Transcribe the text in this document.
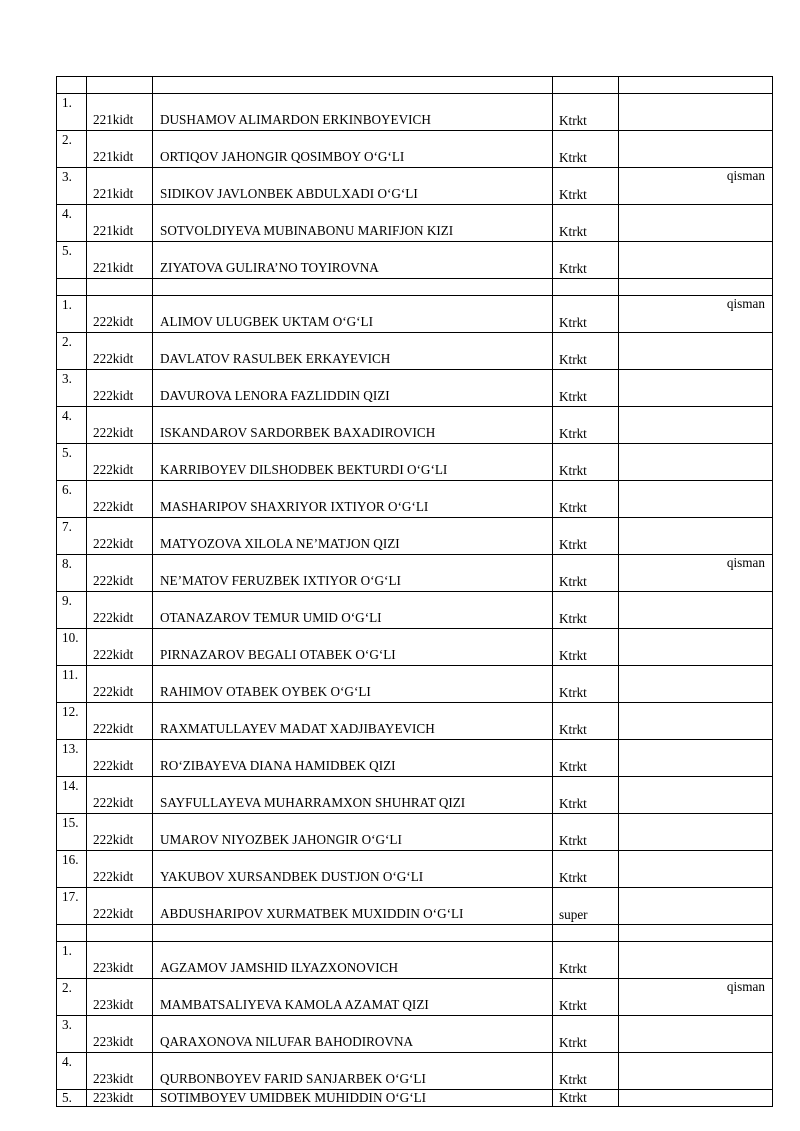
1.	221kidt	DUSHAMOV ALIMARDON ERKINBOYEVICH	Ktrkt	
2.	221kidt	ORTIQOV JAHONGIR QOSIMBOY O‘G‘LI	Ktrkt	
3.	221kidt	SIDIKOV JAVLONBEK ABDULXADI O‘G‘LI	Ktrkt	qisman
4.	221kidt	SOTVOLDIYEVA MUBINABONU MARIFJON KIZI	Ktrkt	
5.	221kidt	ZIYATOVA GULIRA’NO TOYIROVNA	Ktrkt	

1.	222kidt	ALIMOV ULUGBEK UKTAM O‘G‘LI	Ktrkt	qisman
2.	222kidt	DAVLATOV RASULBEK ERKAYEVICH	Ktrkt	
3.	222kidt	DAVUROVA LENORA FAZLIDDIN QIZI	Ktrkt	
4.	222kidt	ISKANDAROV SARDORBEK BAXADIROVICH	Ktrkt	
5.	222kidt	KARRIBOYEV DILSHODBEK BEKTURDI O‘G‘LI	Ktrkt	
6.	222kidt	MASHARIPOV SHAXRIYOR IXTIYOR O‘G‘LI	Ktrkt	
7.	222kidt	MATYOZOVA XILOLA NE’MATJON QIZI	Ktrkt	
8.	222kidt	NE’MATOV FERUZBEK IXTIYOR O‘G‘LI	Ktrkt	qisman
9.	222kidt	OTANAZAROV TEMUR UMID O‘G‘LI	Ktrkt	
10.	222kidt	PIRNAZAROV BEGALI OTABEK O‘G‘LI	Ktrkt	
11.	222kidt	RAHIMOV OTABEK OYBEK O‘G‘LI	Ktrkt	
12.	222kidt	RAXMATULLAYEV MADAT XADJIBAYEVICH	Ktrkt	
13.	222kidt	RO‘ZIBAYEVA DIANA HAMIDBEK QIZI	Ktrkt	
14.	222kidt	SAYFULLAYEVA MUHARRAMXON SHUHRAT QIZI	Ktrkt	
15.	222kidt	UMAROV NIYOZBEK JAHONGIR O‘G‘LI	Ktrkt	
16.	222kidt	YAKUBOV XURSANDBEK DUSTJON O‘G‘LI	Ktrkt	
17.	222kidt	ABDUSHARIPOV XURMATBEK MUXIDDIN O‘G‘LI	super	

1.	223kidt	AGZAMOV JAMSHID ILYAZXONOVICH	Ktrkt	
2.	223kidt	MAMBATSALIYEVA KAMOLA AZAMAT QIZI	Ktrkt	qisman
3.	223kidt	QARAXONOVA NILUFAR BAHODIROVNA	Ktrkt	
4.	223kidt	QURBONBOYEV FARID SANJARBEK O‘G‘LI	Ktrkt	
5.	223kidt	SOTIMBOYEV UMIDBEK MUHIDDIN O‘G‘LI	Ktrkt	
